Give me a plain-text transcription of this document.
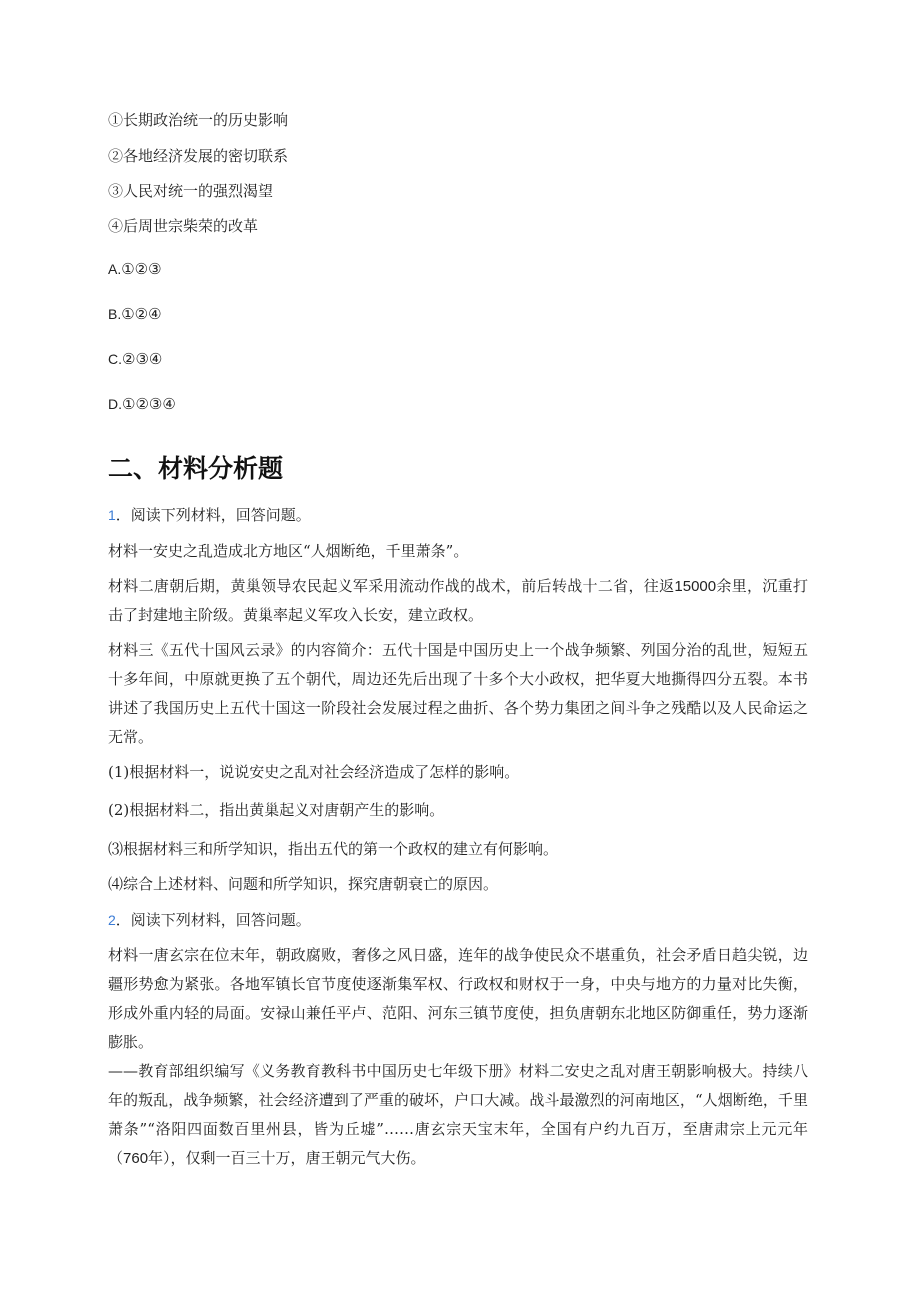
①长期政治统一的历史影响
②各地经济发展的密切联系
③人民对统一的强烈渴望
④后周世宗柴荣的改革
A.①②③
B.①②④
C.②③④
D.①②③④
二、材料分析题
1．阅读下列材料，回答问题。
材料一安史之乱造成北方地区“人烟断绝，千里萧条”。
材料二唐朝后期，黄巢领导农民起义军采用流动作战的战术，前后转战十二省，往返15000余里，沉重打击了封建地主阶级。黄巢率起义军攻入长安，建立政权。
材料三《五代十国风云录》的内容简介：五代十国是中国历史上一个战争频繁、列国分治的乱世，短短五十多年间，中原就更换了五个朝代，周边还先后出现了十多个大小政权，把华夏大地撕得四分五裂。本书讲述了我国历史上五代十国这一阶段社会发展过程之曲折、各个势力集团之间斗争之残酷以及人民命运之无常。
(1)根据材料一，说说安史之乱对社会经济造成了怎样的影响。
(2)根据材料二，指出黄巢起义对唐朝产生的影响。
⑶根据材料三和所学知识，指出五代的第一个政权的建立有何影响。
⑷综合上述材料、问题和所学知识，探究唐朝衰亡的原因。
2．阅读下列材料，回答问题。
材料一唐玄宗在位末年，朝政腐败，奢侈之风日盛，连年的战争使民众不堪重负，社会矛盾日趋尖锐，边疆形势愈为紧张。各地军镇长官节度使逐渐集军权、行政权和财权于一身，中央与地方的力量对比失衡，形成外重内轻的局面。安禄山兼任平卢、范阳、河东三镇节度使，担负唐朝东北地区防御重任，势力逐渐膨胀。
——教育部组织编写《义务教育教科书中国历史七年级下册》材料二安史之乱对唐王朝影响极大。持续八年的叛乱，战争频繁，社会经济遭到了严重的破坏，户口大减。战斗最激烈的河南地区，“人烟断绝，千里萧条”“洛阳四面数百里州县，皆为丘墟”……唐玄宗天宝末年，全国有户约九百万，至唐肃宗上元元年（760年），仅剩一百三十万，唐王朝元气大伤。
